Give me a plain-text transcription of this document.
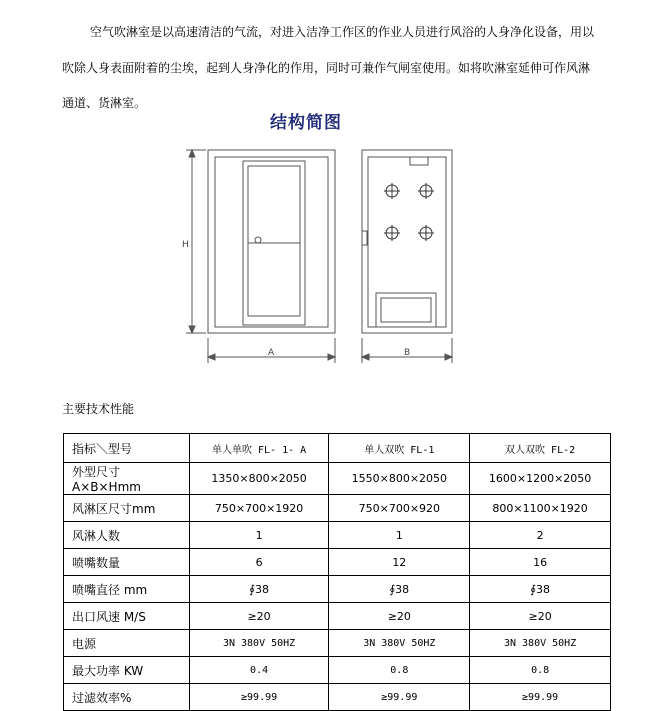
空气吹淋室是以高速清洁的气流，对进入洁净工作区的作业人员进行风浴的人身净化设备，用以
吹除人身表面附着的尘埃，起到人身净化的作用，同时可兼作气闸室使用。如将吹淋室延伸可作风淋
通道、货淋室。
结构简图
H
A	B
主要技术性能
指标＼型号	单人单吹 FL- 1- A	单人双吹 FL-1	双人双吹 FL-2
外型尺寸 A×B×Hmm	1350×800×2050	1550×800×2050	1600×1200×2050
风淋区尺寸mm	750×700×1920	750×700×920	800×1100×1920
风淋人数	1	1	2
喷嘴数量	6	12	16
喷嘴直径 mm	∮38	∮38	∮38
出口风速 M/S	≥20	≥20	≥20
电源	3N 380V 50HZ	3N 380V 50HZ	3N 380V 50HZ
最大功率 KW	0.4	0.8	0.8
过滤效率%	≥99.99	≥99.99	≥99.99
